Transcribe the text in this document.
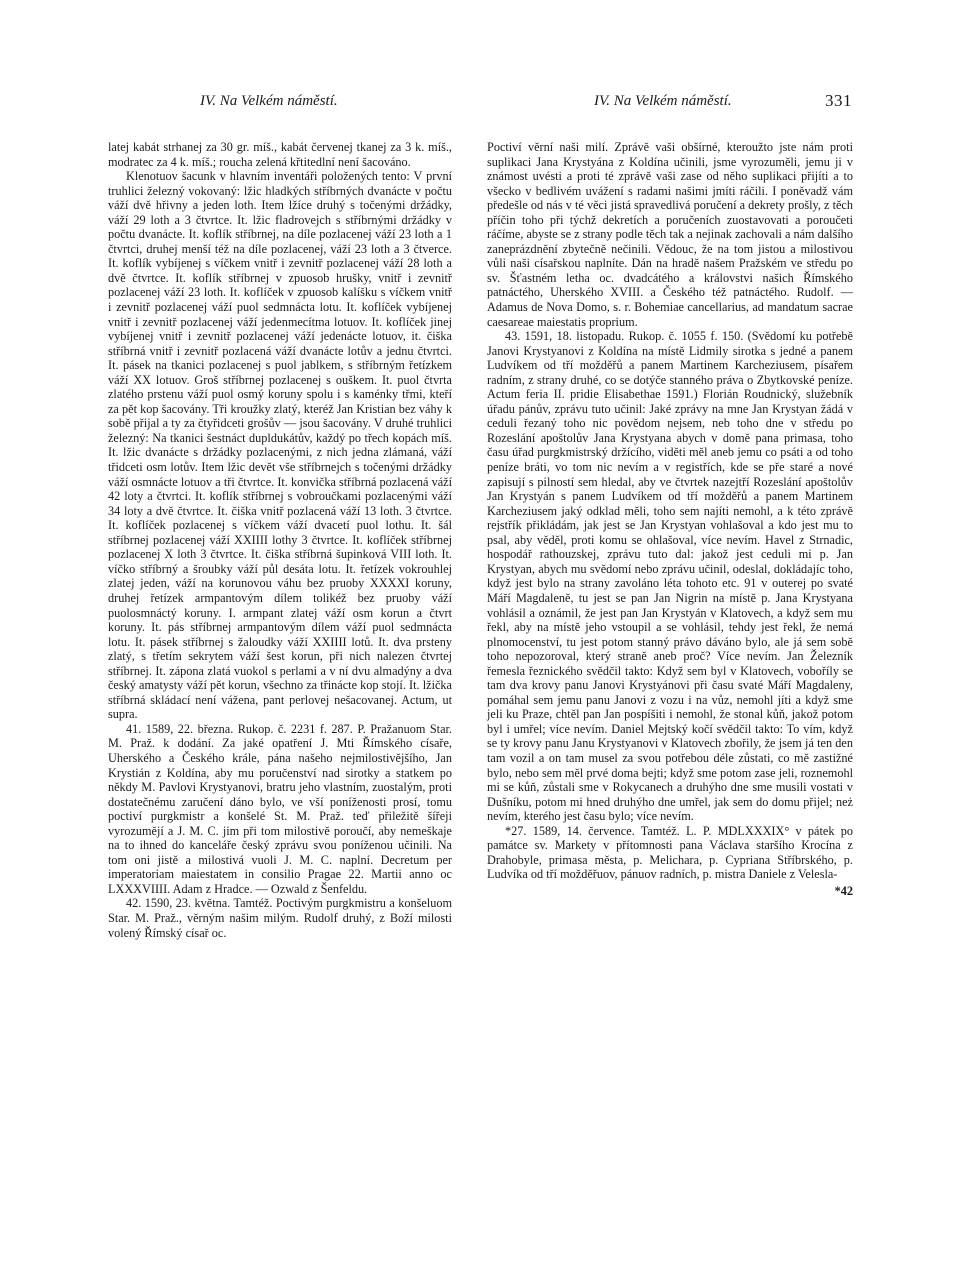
IV. Na Velkém náměstí.	IV. Na Velkém náměstí.	331

latej kabát strhanej za 30 gr. míš., kabát červenej tkanej za 3 k. míš., modratec za 4 k. míš.; roucha zelená křtitedlní není šacováno.

Klenotuov šacunk v hlavním inventáři položených tento: V první truhlici železný vokovaný: lžic hladkých stříbrných dvanácte v počtu váží dvě hřivny a jeden loth. Item lžíce druhý s točenými držádky, váží 29 loth a 3 čtvrtce. It. lžic fladrovejch s stříbrnými držádky v počtu dvanácte. It. koflík stříbrnej, na díle pozlacenej váží 23 loth a 1 čtvrtci, druhej menší též na díle pozlacenej, váží 23 loth a 3 čtverce. It. koflík vybíjenej s víčkem vnitř i zevnitř pozlacenej váží 28 loth a dvě čtvrtce. It. koflík stříbrnej v zpuosob hrušky, vnitř i zevnitř pozlacenej váží 23 loth. It. koflíček v zpuosob kalíšku s víčkem vnitř i zevnitř pozlacenej váží puol sedmnácta lotu. It. koflíček vybíjenej vnitř i zevnitř pozlacenej váží jedenmecítma lotuov. It. koflíček jinej vybíjenej vnitř i zevnitř pozlacenej váží jedenácte lotuov, it. čiška stříbrná vnitř i zevnitř pozlacená váží dvanácte lotův a jednu čtvrtci. It. pásek na tkanici pozlacenej s puol jablkem, s stříbrným řetízkem váží XX lotuov. Groš stříbrnej pozlacenej s ouškem. It. puol čtvrta zlatého prstenu váží puol osmý koruny spolu i s kaménky třmi, kteří za pět kop šacovány. Tři kroužky zlatý, kteréž Jan Kristian bez váhy k sobě přijal a ty za čtyřidceti grošův — jsou šacovány. V druhé truhlici železný: Na tkanici šestnáct dupldukátův, každý po třech kopách míš. It. lžic dvanácte s držádky pozlacenými, z nich jedna zlámaná, váží třidceti osm lotův. Item lžic devět vše stříbrnejch s točenými držádky váží osmnácte lotuov a tři čtvrtce. It. konvička stříbrná pozlacená váží 42 loty a čtvrtci. It. koflík stříbrnej s vobroučkami pozlacenými váží 34 loty a dvě čtvrtce. It. čiška vnitř pozlacená váží 13 loth. 3 čtvrtce. It. koflíček pozlacenej s víčkem váží dvacetí puol lothu. It. šál stříbrnej pozlacenej váží XXIIII lothy 3 čtvrtce. It. koflíček stříbrnej pozlacenej X loth 3 čtvrtce. It. čiška stříbrná šupinková VIII loth. It. víčko stříbrný a šroubky váží půl desáta lotu. It. řetízek vokrouhlej zlatej jeden, váží na korunovou váhu bez pruoby XXXXI koruny, druhej řetízek armpantovým dílem tolikéž bez pruoby váží puolosmnáctý koruny. I. armpant zlatej váží osm korun a čtvrt koruny. It. pás stříbrnej armpantovým dílem váží puol sedmnácta lotu. It. pásek stříbrnej s žaloudky váží XXIIII lotů. It. dva prsteny zlatý, s třetím sekrytem váží šest korun, při nich nalezen čtvrtej stříbrnej. It. zápona zlatá vuokol s perlami a v ní dvu almadýny a dva český amatysty váží pět korun, všechno za třinácte kop stojí. It. lžička stříbrná skládací není vážena, pant perlovej nešacovanej. Actum, ut supra.

41. 1589, 22. března. Rukop. č. 2231 f. 287. P. Pražanuom Star. M. Praž. k dodání. Za jaké opatření J. Mti Římského císaře, Uherského a Českého krále, pána našeho nejmilostivějšího, Jan Krystián z Koldína, aby mu poručenství nad sirotky a statkem po někdy M. Pavlovi Krystyanovi, bratru jeho vlastním, zuostalým, proti dostatečnému zaručení dáno bylo, ve vší poníženosti prosí, tomu poctiví purgkmistr a konšelé St. M. Praž. teď přiležitě šířeji vyrozumějí a J. M. C. jim při tom milostivě poroučí, aby nemeškaje na to ihned do kanceláře český zprávu svou poníženou učinili. Na tom oni jistě a milostivá vuoli J. M. C. naplní. Decretum per imperatoriam maiestatem in consilio Pragae 22. Martii anno oc LXXXVIIII. Adam z Hradce. — Ozwald z Šenfeldu.

42. 1590, 23. května. Tamtéž. Poctivým purgkmistru a konšeluom Star. M. Praž., věrným našim milým. Rudolf druhý, z Boží milosti volený Římský císař oc.

Poctiví věrní naši milí. Zprávě vaši obšírné, kteroužto jste nám proti suplikaci Jana Krystyána z Koldína učinili, jsme vyrozuměli, jemu ji v známost uvésti a proti té zprávě vaši zase od něho suplikaci přijíti a to všecko v bedlivém uvážení s radami našimi jmíti ráčili. I poněvadž vám předešle od nás v té věci jistá spravedlivá poručení a dekrety prošly, z těch příčin toho při týchž dekretích a poručeních zuostavovati a poroučeti ráčíme, abyste se z strany podle těch tak a nejinak zachovali a nám dalšího zaneprázdnění zbytečně nečinili. Vědouc, že na tom jistou a milostivou vůli naši císařskou naplníte. Dán na hradě našem Pražském ve středu po sv. Šťastném letha oc. dvadcátého a královstvi našich Římského patnáctého, Uherského XVIII. a Českého též patnáctého. Rudolf. — Adamus de Nova Domo, s. r. Bohemiae cancellarius, ad mandatum sacrae caesareae maiestatis proprium.

43. 1591, 18. listopadu. Rukop. č. 1055 f. 150. (Svědomí ku potřebě Janovi Krystyanovi z Koldína na místě Lidmily sirotka s jedné a panem Ludvíkem od tří možděřů a panem Martinem Karcheziusem, písařem radním, z strany druhé, co se dotýče stanného práva o Zbytkovské peníze. Actum feria II. pridie Elisabethae 1591.) Florián Roudnický, služebník úřadu pánův, zprávu tuto učinil: Jaké zprávy na mne Jan Krystyan žádá v ceduli řezaný toho nic povědom nejsem, neb toho dne v středu po Rozeslání apoštolův Jana Krystyana abych v domě pana primasa, toho času úřad purgkmistrský držícího, viděti měl aneb jemu co psáti a od toho peníze bráti, vo tom nic nevím a v registřích, kde se pře staré a nové zapisují s pilností sem hledal, aby ve čtvrtek nazejtří Rozeslání apoštolův Jan Krystyán s panem Ludvíkem od tří možděřů a panem Martinem Karcheziusem jaký odklad měli, toho sem najíti nemohl, a k této zprávě rejstřík přikládám, jak jest se Jan Krystyan vohlašoval a kdo jest mu to psal, aby věděl, proti komu se ohlašoval, více nevím. Havel z Strnadic, hospodář rathouzskej, zprávu tuto dal: jakož jest ceduli mi p. Jan Krystyan, abych mu svědomí nebo zprávu učinil, odeslal, dokládajíc toho, když jest bylo na strany zavoláno léta tohoto etc. 91 v outerej po svaté Máří Magdaleně, tu jest se pan Jan Nigrin na místě p. Jana Krystyana vohlásil a oznámil, že jest pan Jan Krystyán v Klatovech, a když sem mu řekl, aby na místě jeho vstoupil a se vohlásil, tehdy jest řekl, že nemá plnomocenství, tu jest potom stanný právo dáváno bylo, ale já sem sobě toho nepozoroval, který straně aneb proč? Více nevím. Jan Železník řemesla řeznického svědčil takto: Když sem byl v Klatovech, voboříly se tam dva krovy panu Janovi Krystyánovi při času svaté Máří Magdaleny, pomáhal sem jemu panu Janovi z vozu i na vůz, nemohl jíti a když sme jeli ku Praze, chtěl pan Jan pospíšiti i nemohl, že stonal kůň, jakož potom byl i umřel; více nevím. Daniel Mejtský kočí svědčil takto: To vím, když se ty krovy panu Janu Krystyanovi v Klatovech zbořily, že jsem já ten den tam vozil a on tam musel za svou potřebou déle zůstati, co mě zastižné bylo, nebo sem měl prvé doma bejti; když sme potom zase jeli, roznemohl mi se kůň, zůstali sme v Rokycanech a druhýho dne sme musili vostati v Dušníku, potom mi hned druhýho dne umřel, jak sem do domu přijel; neż nevím, kterého jest času bylo; více nevím.

*27. 1589, 14. července. Tamtéž. L. P. MDLXXXIX° v pátek po památce sv. Markety v přítomnosti pana Václava staršího Krocína z Drahobyle, primasa města, p. Melichara, p. Cypriana Stříbrského, p. Ludvíka od tří možděřuov, pánuov radních, p. mistra Daniele z Velesla-

*42
